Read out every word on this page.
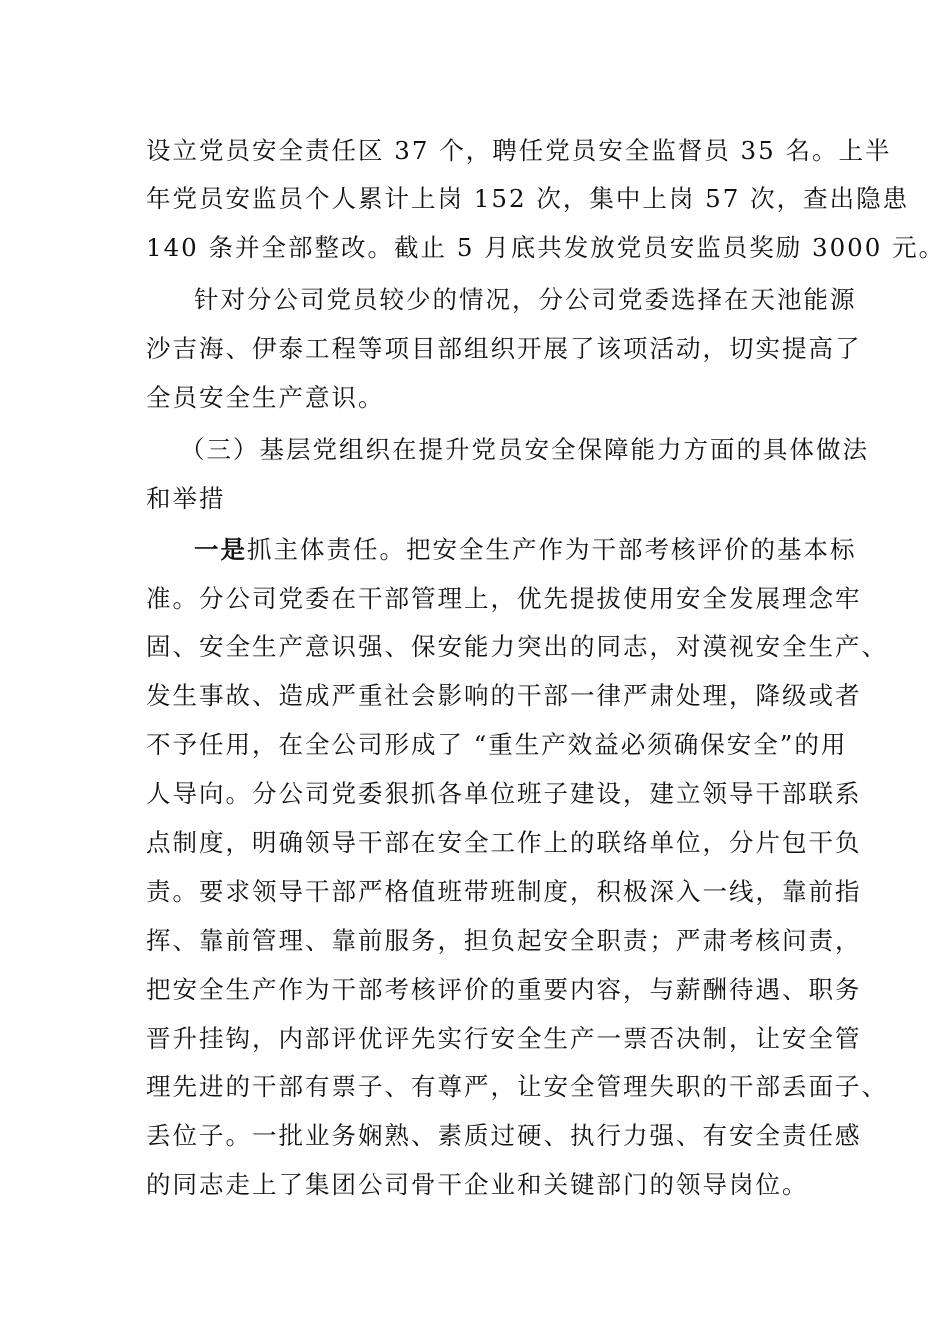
设立党员安全责任区 37 个，聘任党员安全监督员 35 名。上半
年党员安监员个人累计上岗 152 次，集中上岗 57 次，查出隐患
140 条并全部整改。截止 5 月底共发放党员安监员奖励 3000 元。
针对分公司党员较少的情况，分公司党委选择在天池能源
沙吉海、伊泰工程等项目部组织开展了该项活动，切实提高了
全员安全生产意识。
（三）基层党组织在提升党员安全保障能力方面的具体做法
和举措
一是抓主体责任。把安全生产作为干部考核评价的基本标
准。分公司党委在干部管理上，优先提拔使用安全发展理念牢
固、安全生产意识强、保安能力突出的同志，对漠视安全生产、
发生事故、造成严重社会影响的干部一律严肃处理，降级或者
不予任用，在全公司形成了 “重生产效益必须确保安全”的用
人导向。分公司党委狠抓各单位班子建设，建立领导干部联系
点制度，明确领导干部在安全工作上的联络单位，分片包干负
责。要求领导干部严格值班带班制度，积极深入一线，靠前指
挥、靠前管理、靠前服务，担负起安全职责；严肃考核问责，
把安全生产作为干部考核评价的重要内容，与薪酬待遇、职务
晋升挂钩，内部评优评先实行安全生产一票否决制，让安全管
理先进的干部有票子、有尊严，让安全管理失职的干部丢面子、
丢位子。一批业务娴熟、素质过硬、执行力强、有安全责任感
的同志走上了集团公司骨干企业和关键部门的领导岗位。
